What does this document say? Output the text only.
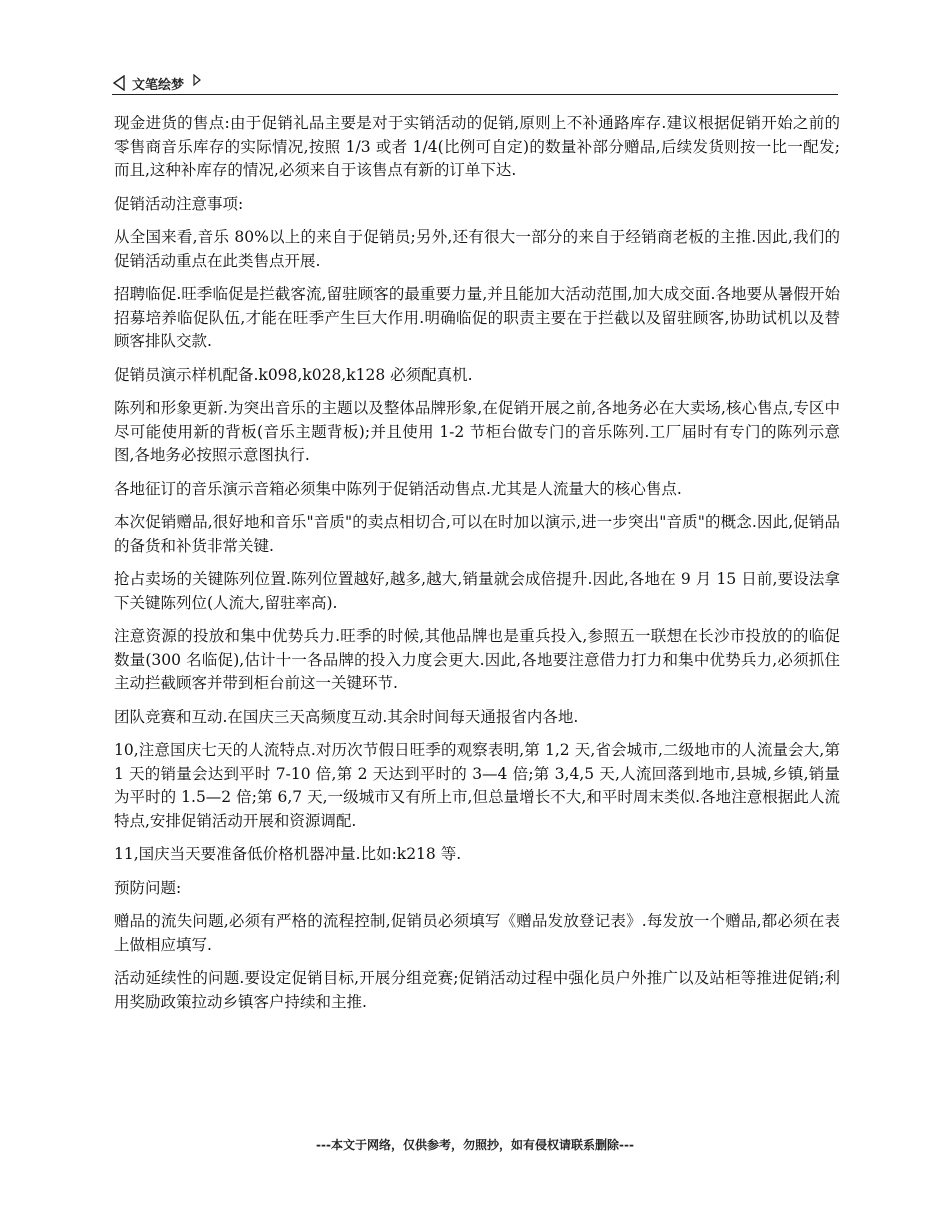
文笔绘梦

现金进货的售点:由于促销礼品主要是对于实销活动的促销,原则上不补通路库存.建议根据促销开始之前的零售商音乐库存的实际情况,按照 1/3 或者 1/4(比例可自定)的数量补部分赠品,后续发货则按一比一配发;而且,这种补库存的情况,必须来自于该售点有新的订单下达.

促销活动注意事项:

从全国来看,音乐 80%以上的来自于促销员;另外,还有很大一部分的来自于经销商老板的主推.因此,我们的促销活动重点在此类售点开展.

招聘临促.旺季临促是拦截客流,留驻顾客的最重要力量,并且能加大活动范围,加大成交面.各地要从暑假开始招募培养临促队伍,才能在旺季产生巨大作用.明确临促的职责主要在于拦截以及留驻顾客,协助试机以及替顾客排队交款.

促销员演示样机配备.k098,k028,k128 必须配真机.

陈列和形象更新.为突出音乐的主题以及整体品牌形象,在促销开展之前,各地务必在大卖场,核心售点,专区中尽可能使用新的背板(音乐主题背板);并且使用 1-2 节柜台做专门的音乐陈列.工厂届时有专门的陈列示意图,各地务必按照示意图执行.

各地征订的音乐演示音箱必须集中陈列于促销活动售点.尤其是人流量大的核心售点.

本次促销赠品,很好地和音乐"音质"的卖点相切合,可以在时加以演示,进一步突出"音质"的概念.因此,促销品的备货和补货非常关键.

抢占卖场的关键陈列位置.陈列位置越好,越多,越大,销量就会成倍提升.因此,各地在 9 月 15 日前,要设法拿下关键陈列位(人流大,留驻率高).

注意资源的投放和集中优势兵力.旺季的时候,其他品牌也是重兵投入,参照五一联想在长沙市投放的的临促数量(300 名临促),估计十一各品牌的投入力度会更大.因此,各地要注意借力打力和集中优势兵力,必须抓住主动拦截顾客并带到柜台前这一关键环节.

团队竞赛和互动.在国庆三天高频度互动.其余时间每天通报省内各地.

10,注意国庆七天的人流特点.对历次节假日旺季的观察表明,第 1,2 天,省会城市,二级地市的人流量会大,第 1 天的销量会达到平时 7-10 倍,第 2 天达到平时的 3—4 倍;第 3,4,5 天,人流回落到地市,县城,乡镇,销量为平时的 1.5—2 倍;第 6,7 天,一级城市又有所上市,但总量增长不大,和平时周末类似.各地注意根据此人流特点,安排促销活动开展和资源调配.

11,国庆当天要准备低价格机器冲量.比如:k218 等.

预防问题:

赠品的流失问题,必须有严格的流程控制,促销员必须填写《赠品发放登记表》.每发放一个赠品,都必须在表上做相应填写.

活动延续性的问题.要设定促销目标,开展分组竞赛;促销活动过程中强化员户外推广以及站柜等推进促销;利用奖励政策拉动乡镇客户持续和主推.

---本文于网络，仅供参考，勿照抄，如有侵权请联系删除---
